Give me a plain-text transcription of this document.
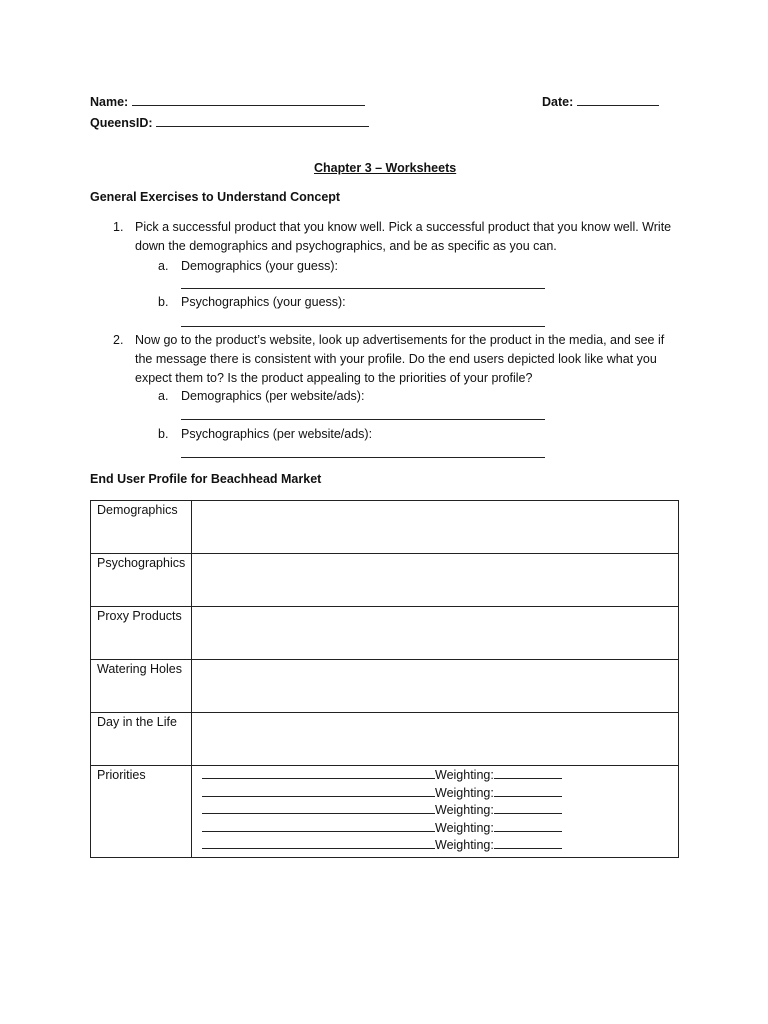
Name:	Date:
QueensID:
Chapter 3 – Worksheets
General Exercises to Understand Concept
1. Pick a successful product that you know well. Pick a successful product that you know well. Write down the demographics and psychographics, and be as specific as you can.
a. Demographics (your guess):
b. Psychographics (your guess):
2. Now go to the product’s website, look up advertisements for the product in the media, and see if the message there is consistent with your profile. Do the end users depicted look like what you expect them to? Is the product appealing to the priorities of your profile?
a. Demographics (per website/ads):
b. Psychographics (per website/ads):
End User Profile for Beachhead Market
Demographics	
Psychographics	
Proxy Products	
Watering Holes	
Day in the Life	
Priorities	Weighting:
Weighting:
Weighting:
Weighting:
Weighting:
